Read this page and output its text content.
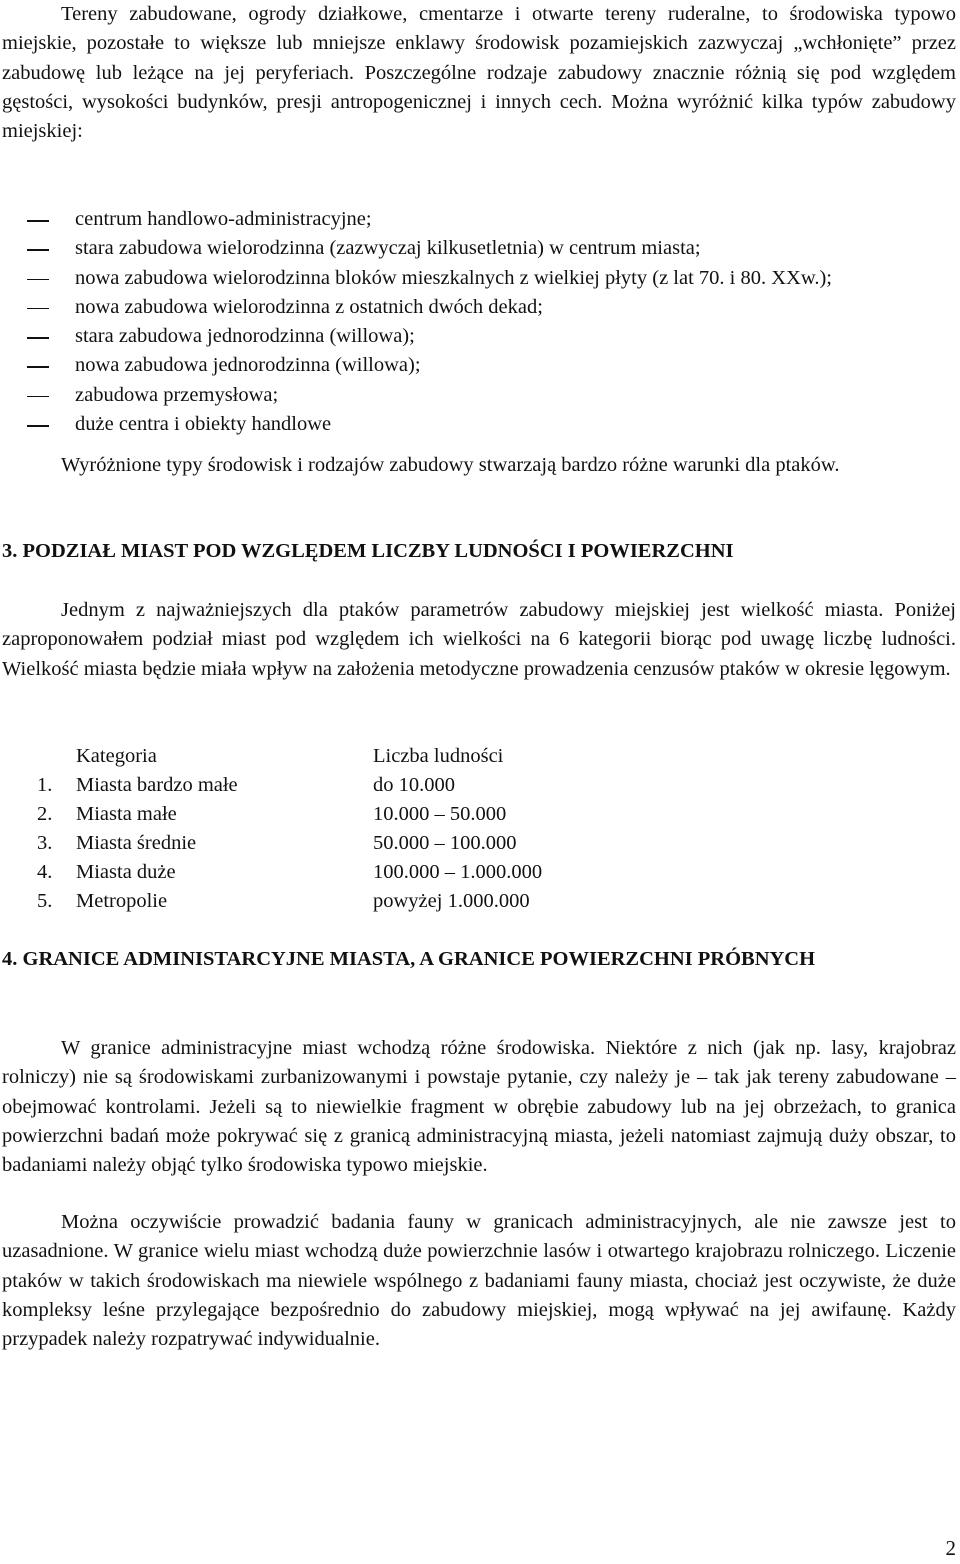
Tereny zabudowane, ogrody działkowe, cmentarze i otwarte tereny ruderalne, to środowiska typowo miejskie, pozostałe to większe lub mniejsze enklawy środowisk pozamiejskich zazwyczaj „wchłonięte” przez zabudowę lub leżące na jej peryferiach. Poszczególne rodzaje zabudowy znacznie różnią się pod względem gęstości, wysokości budynków, presji antropogenicznej i innych cech. Można wyróżnić kilka typów zabudowy miejskiej:

centrum handlowo-administracyjne;
stara zabudowa wielorodzinna (zazwyczaj kilkusetletnia) w centrum miasta;
nowa zabudowa wielorodzinna bloków mieszkalnych z wielkiej płyty (z lat 70. i 80. XXw.);
nowa zabudowa wielorodzinna z ostatnich dwóch dekad;
stara zabudowa jednorodzinna (willowa);
nowa zabudowa jednorodzinna (willowa);
zabudowa przemysłowa;
duże centra i obiekty handlowe

Wyróżnione typy środowisk i rodzajów zabudowy stwarzają bardzo różne warunki dla ptaków.

3. PODZIAŁ MIAST POD WZGLĘDEM LICZBY LUDNOŚCI I POWIERZCHNI

Jednym z najważniejszych dla ptaków parametrów zabudowy miejskiej jest wielkość miasta. Poniżej zaproponowałem podział miast pod względem ich wielkości na 6 kategorii biorąc pod uwagę liczbę ludności. Wielkość miasta będzie miała wpływ na założenia metodyczne prowadzenia cenzusów ptaków w okresie lęgowym.

Kategoria	Liczba ludności
1. Miasta bardzo małe	do 10.000
2. Miasta małe	10.000 – 50.000
3. Miasta średnie	50.000 – 100.000
4. Miasta duże	100.000 – 1.000.000
5. Metropolie	powyżej 1.000.000
4. GRANICE ADMINISTARCYJNE MIASTA, A GRANICE POWIERZCHNI PRÓBNYCH

W granice administracyjne miast wchodzą różne środowiska. Niektóre z nich (jak np. lasy, krajobraz rolniczy) nie są środowiskami zurbanizowanymi i powstaje pytanie, czy należy je – tak jak tereny zabudowane – obejmować kontrolami. Jeżeli są to niewielkie fragment w obrębie zabudowy lub na jej obrzeżach, to granica powierzchni badań może pokrywać się z granicą administracyjną miasta, jeżeli natomiast zajmują duży obszar, to badaniami należy objąć tylko środowiska typowo miejskie.

Można oczywiście prowadzić badania fauny w granicach administracyjnych, ale nie zawsze jest to uzasadnione. W granice wielu miast wchodzą duże powierzchnie lasów i otwartego krajobrazu rolniczego. Liczenie ptaków w takich środowiskach ma niewiele wspólnego z badaniami fauny miasta, chociaż jest oczywiste, że duże kompleksy leśne przylegające bezpośrednio do zabudowy miejskiej, mogą wpływać na jej awifaunę. Każdy przypadek należy rozpatrywać indywidualnie.

2
